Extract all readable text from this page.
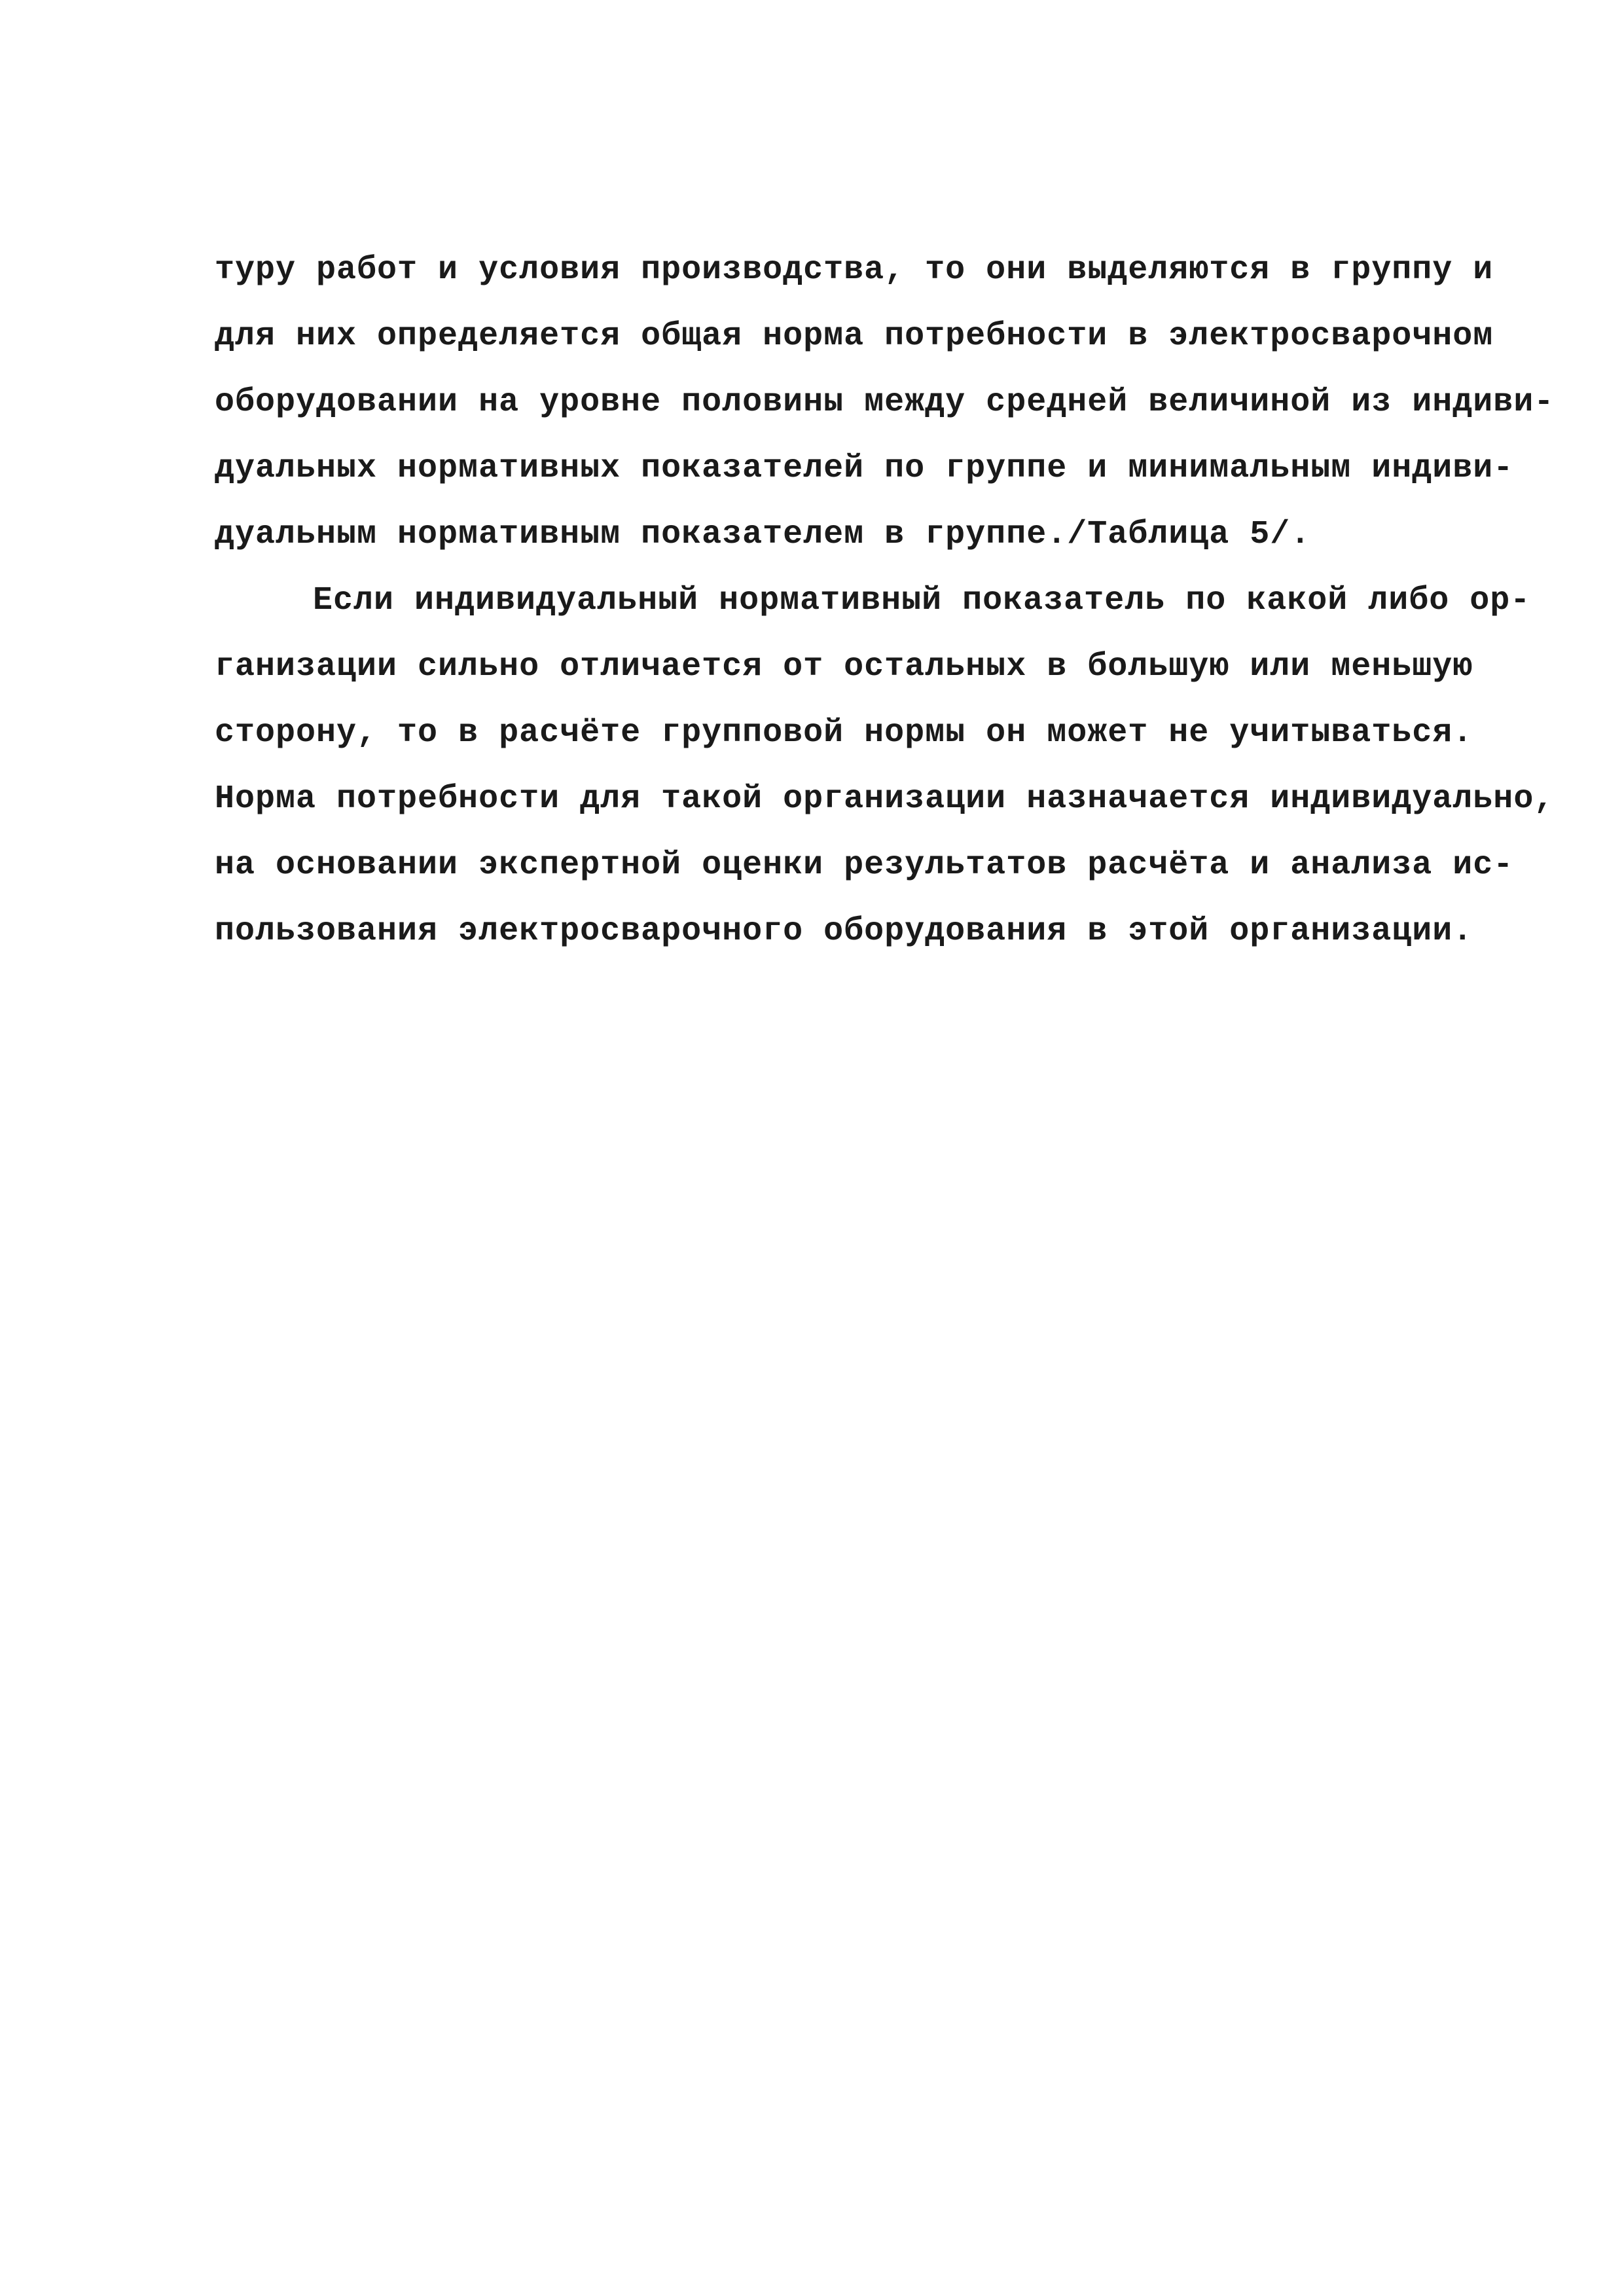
туру работ и условия производства, то они выделяются в группу и
для них определяется общая норма потребности в электросварочном
оборудовании на уровне половины между средней величиной из индиви-
дуальных нормативных показателей по группе и минимальным индиви-
дуальным нормативным показателем в группе./Таблица 5/.
Если индивидуальный нормативный показатель по какой либо ор-
ганизации сильно отличается от остальных в большую или меньшую
сторону, то в расчёте групповой нормы он может не учитываться.
Норма потребности для такой организации назначается индивидуально,
на основании экспертной оценки результатов расчёта и анализа ис-
пользования электросварочного оборудования в этой организации.
